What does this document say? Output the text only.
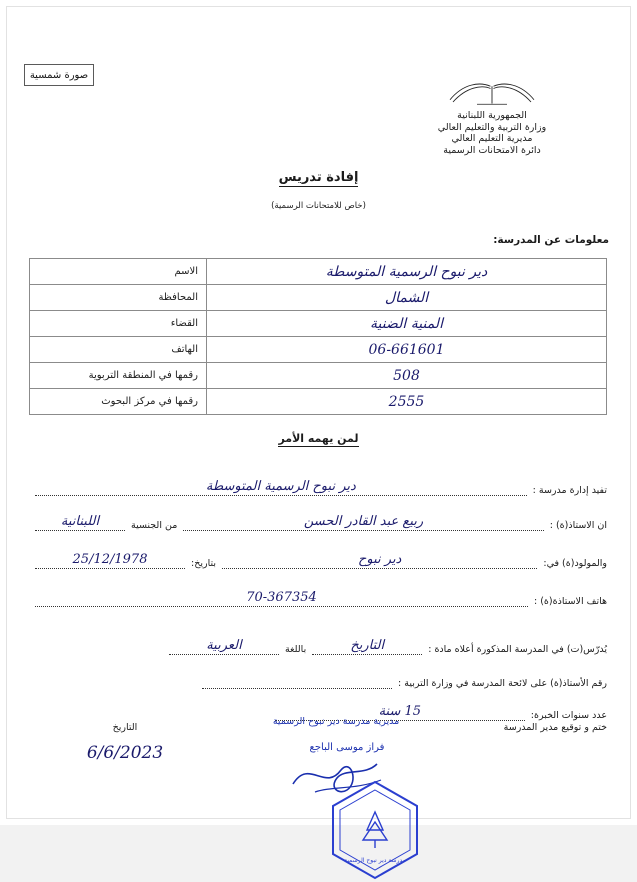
صورة شمسية
الجمهورية اللبنانية
وزارة التربية والتعليم العالي
مديرية التعليم العالي
دائرة الامتحانات الرسمية
إفادة تدريس
(خاص للامتحانات الرسمية)
معلومات عن المدرسة:
دير نبوح الرسمية المتوسطة	الاسم
الشمال	المحافظة
المنية الضنية	القضاء
06-661601	الهاتف
508	رقمها في المنطقة التربوية
2555	رقمها في مركز البحوث
لمن يهمه الأمر
تفيد إدارة مدرسة :
دير نبوح الرسمية المتوسطة
ان الاستاذ(ة) :
ربيع عبد القادر الحسن
من الجنسية
اللبنانية
والمولود(ة) في:
دير نبوح
بتاريخ:
25/12/1978
هاتف الاستاذة(ة) :
70-367354
يُدرّس(ت) في المدرسة المذكورة أعلاه مادة :
التاريخ
باللغة
العربية
رقم الأستاذ(ة) على لائحة المدرسة في وزارة التربية :
عدد سنوات الخبرة:
15 سنة
ختم و توقيع مدير المدرسة
مديرية مدرسة دير نبوح الرسمية
فراز موسى الباجع
مدرسة دير نبوح الرسمية
التاريخ
6/6/2023
